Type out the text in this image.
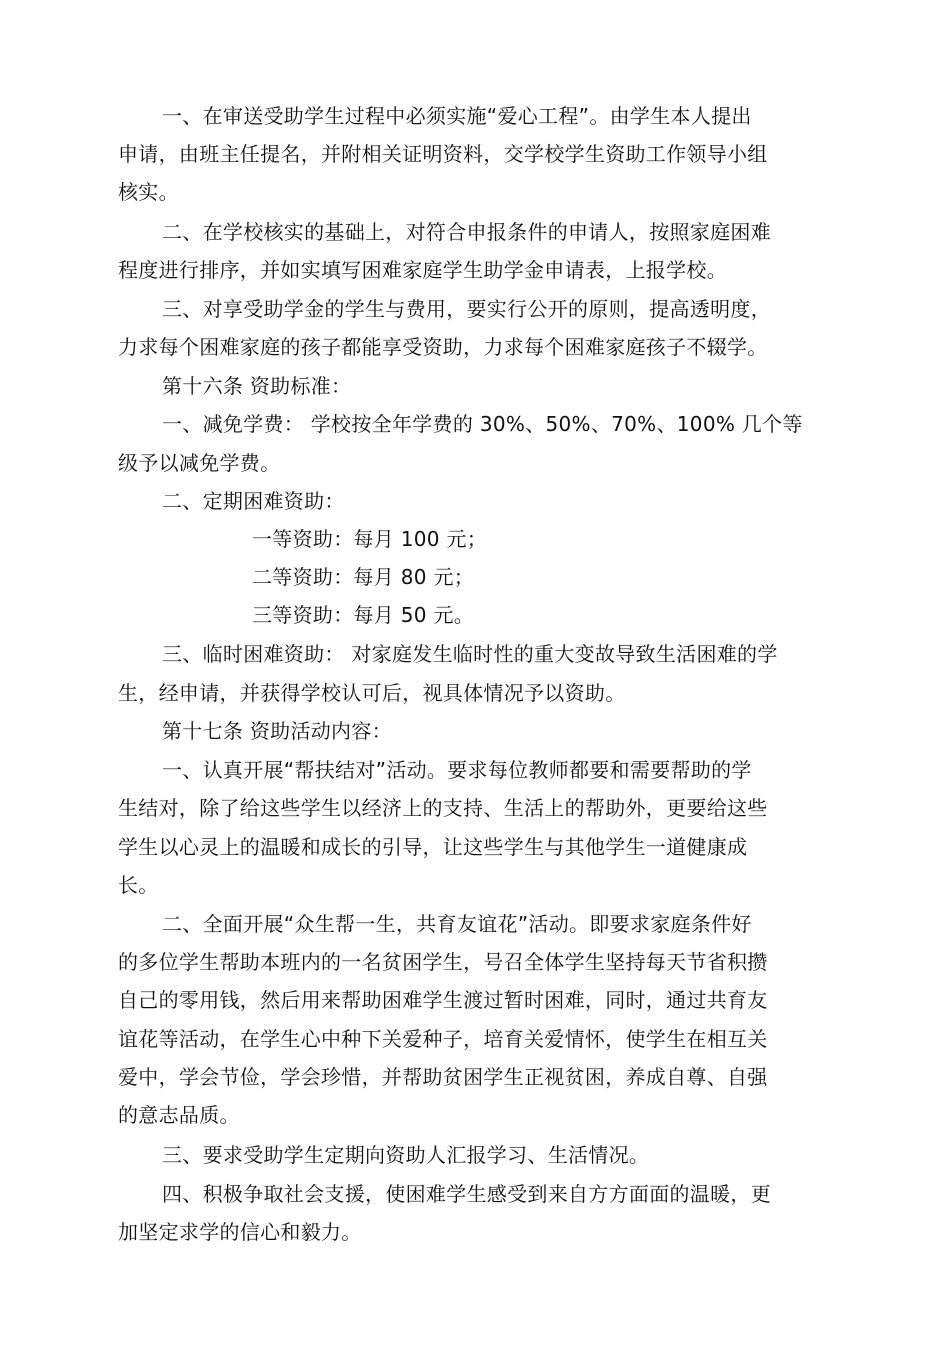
一、在审送受助学生过程中必须实施“爱心工程”。由学生本人提出
申请，由班主任提名，并附相关证明资料，交学校学生资助工作领导小组
核实。
二、在学校核实的基础上，对符合申报条件的申请人，按照家庭困难
程度进行排序，并如实填写困难家庭学生助学金申请表，上报学校。
三、对享受助学金的学生与费用，要实行公开的原则，提高透明度，
力求每个困难家庭的孩子都能享受资助，力求每个困难家庭孩子不辍学。
第十六条 资助标准：
一、减免学费： 学校按全年学费的 30%、50%、70%、100% 几个等
级予以减免学费。
二、定期困难资助：
一等资助：每月 100 元；
二等资助：每月 80 元；
三等资助：每月 50 元。
三、临时困难资助： 对家庭发生临时性的重大变故导致生活困难的学
生，经申请，并获得学校认可后，视具体情况予以资助。
第十七条 资助活动内容：
一、认真开展“帮扶结对”活动。要求每位教师都要和需要帮助的学
生结对，除了给这些学生以经济上的支持、生活上的帮助外，更要给这些
学生以心灵上的温暖和成长的引导，让这些学生与其他学生一道健康成
长。
二、全面开展“众生帮一生，共育友谊花”活动。即要求家庭条件好
的多位学生帮助本班内的一名贫困学生，号召全体学生坚持每天节省积攒
自己的零用钱，然后用来帮助困难学生渡过暂时困难，同时，通过共育友
谊花等活动，在学生心中种下关爱种子，培育关爱情怀，使学生在相互关
爱中，学会节俭，学会珍惜，并帮助贫困学生正视贫困，养成自尊、自强
的意志品质。
三、要求受助学生定期向资助人汇报学习、生活情况。
四、积极争取社会支援，使困难学生感受到来自方方面面的温暖，更
加坚定求学的信心和毅力。
